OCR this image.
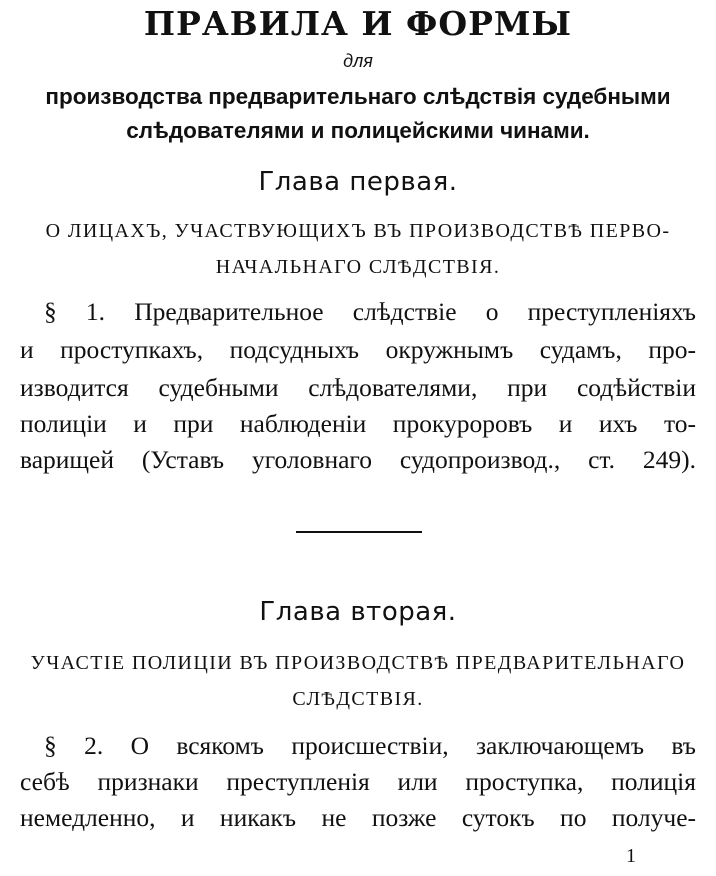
ПРАВИЛА И ФОРМЫ
для
производства предварительнаго слѣдствія судебными
слѣдователями и полицейскими чинами.
Глава первая.
О ЛИЦАХЪ, УЧАСТВУЮЩИХЪ ВЪ ПРОИЗВОДСТВѢ ПЕРВО-
НАЧАЛЬНАГО СЛѢДСТВІЯ.
§ 1. Предварительное слѣдствіе о преступленіяхъ
и проступкахъ, подсудныхъ окружнымъ судамъ, про-
изводится судебными слѣдователями, при содѣйствіи
полиціи и при наблюденіи прокуроровъ и ихъ то-
варищей (Уставъ уголовнаго судопроизвод., ст. 249).
Глава вторая.
УЧАСТІЕ ПОЛИЦІИ ВЪ ПРОИЗВОДСТВѢ ПРЕДВАРИТЕЛЬНАГО
СЛѢДСТВІЯ.
§ 2. О всякомъ происшествіи, заключающемъ въ
себѣ признаки преступленія или проступка, полиція
немедленно, и никакъ не позже сутокъ по получе-
1
